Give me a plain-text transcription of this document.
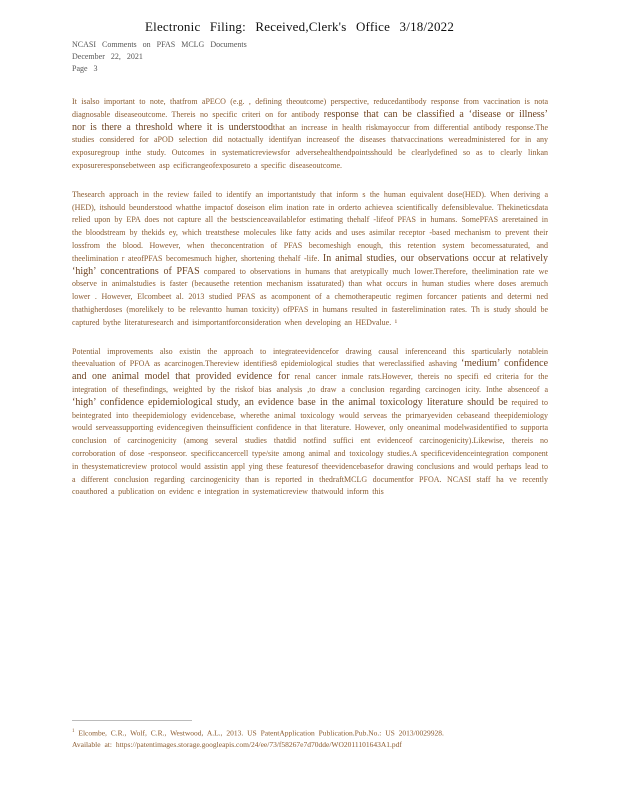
Electronic Filing: Received,Clerk's Office 3/18/2022
NCASI Comments on PFAS MCLG Documents
December 22, 2021
Page 3

It isalso important to note, thatfrom aPECO (e.g. , defining theoutcome) perspective, reducedantibody response from vaccination is nota diagnosable diseaseoutcome. Thereis no specific criteri on for antibody response that can be classified a ‘disease or illness’ nor is there a threshold where it is understoodthat an increase in health riskmayoccur from differential antibody response.The studies considered for aPOD selection did notactually identifyan increaseof the diseases thatvaccinations wereadministered for in any exposuregroup inthe study. Outcomes in systematicreviewsfor adversehealthendpointsshould be clearlydefined so as to clearly linkan exposureresponsebetween asp ecificrangeofexposureto a specific diseaseoutcome.

Thesearch approach in the review failed to identify an importantstudy that inform s the human equivalent dose(HED). When deriving a (HED), itshould beunderstood whatthe impactof doseison elim ination rate in orderto achievea scientifically defensiblevalue. Thekineticsdata relied upon by EPA does not capture all the bestscienceavailablefor estimating thehalf -lifeof PFAS in humans. SomePFAS areretained in the bloodstream by thekids ey, which treatsthese molecules like fatty acids and uses asimilar receptor -based mechanism to prevent their lossfrom the blood. However, when theconcentration of PFAS becomeshigh enough, this retention system becomessaturated, and theelimination r ateofPFAS becomesmuch higher, shortening thehalf -life. In animal studies, our observations occur at relatively ‘high’ concentrations of PFAS compared to observations in humans that aretypically much lower.Therefore, theelimination rate we observe in animalstudies is faster (becausethe retention mechanism issaturated) than what occurs in human studies where doses aremuch lower . However, Elcombeet al. 2013 studied PFAS as acomponent of a chemotherapeutic regimen forcancer patients and determi ned thathigherdoses (morelikely to be relevantto human toxicity) ofPFAS in humans resulted in fasterelimination rates. Th is study should be captured bythe literaturesearch and isimportantforconsideration when developing an HEDvalue. ¹

Potential improvements also existin the approach to integrateevidencefor drawing causal inferenceand this sparticularly notablein theevaluation of PFOA as acarcinogen.Thereview identifies8 epidemiological studies that wereclassified ashaving ‘medium’ confidence and one animal model that provided evidence for renal cancer inmale rats.However, thereis no specifi ed criteria for the integration of thesefindings, weighted by the riskof bias analysis ,to draw a conclusion regarding carcinogen icity. Inthe absenceof a ‘high’ confidence epidemiological study, an evidence base in the animal toxicology literature should be required to beintegrated into theepidemiology evidencebase, wherethe animal toxicology would serveas the primaryeviden cebaseand theepidemiology would serveassupporting evidencegiven theinsufficient confidence in that literature. However, only oneanimal modelwasidentified to supporta conclusion of carcinogenicity (among several studies thatdid notfind suffici ent evidenceof carcinogenicity).Likewise, thereis no corroboration of dose -responseor. specificcancercell type/site among animal and toxicology studies.A specificevidenceintegration component in thesystematicreview protocol would assistin appl ying these featuresof theevidencebasefor drawing conclusions and would perhaps lead to a different conclusion regarding carcinogenicity than is reported in thedraftMCLG documentfor PFOA. NCASI staff ha ve recently coauthored a publication on evidenc e integration in systematicreview thatwould inform this

$^1$ Elcombe, C.R., Wolf, C.R., Westwood, A.L., 2013. US PatentApplication Publication.Pub.No.: US 2013/0029928.
Available at: https://patentimages.storage.googleapis.com/24/ee/73/f58267e7d70dde/WO2011101643A1.pdf
